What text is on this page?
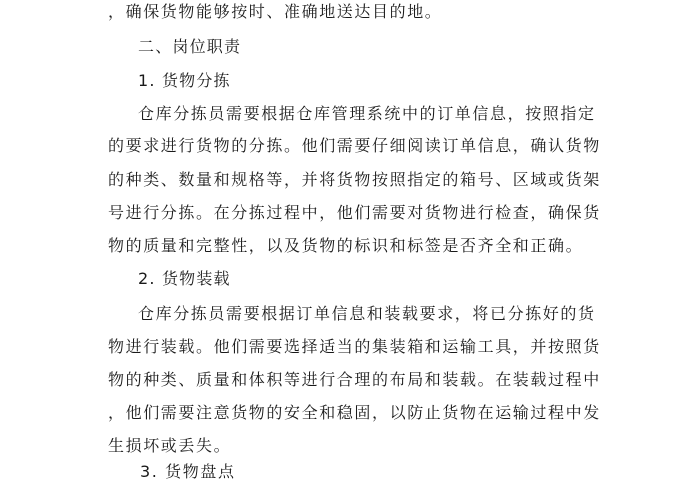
，确保货物能够按时、准确地送达目的地。
二、岗位职责
1. 货物分拣
仓库分拣员需要根据仓库管理系统中的订单信息，按照指定
的要求进行货物的分拣。他们需要仔细阅读订单信息，确认货物
的种类、数量和规格等，并将货物按照指定的箱号、区域或货架
号进行分拣。在分拣过程中，他们需要对货物进行检查，确保货
物的质量和完整性，以及货物的标识和标签是否齐全和正确。
2. 货物装载
仓库分拣员需要根据订单信息和装载要求，将已分拣好的货
物进行装载。他们需要选择适当的集装箱和运输工具，并按照货
物的种类、质量和体积等进行合理的布局和装载。在装载过程中
，他们需要注意货物的安全和稳固，以防止货物在运输过程中发
生损坏或丢失。
3. 货物盘点
